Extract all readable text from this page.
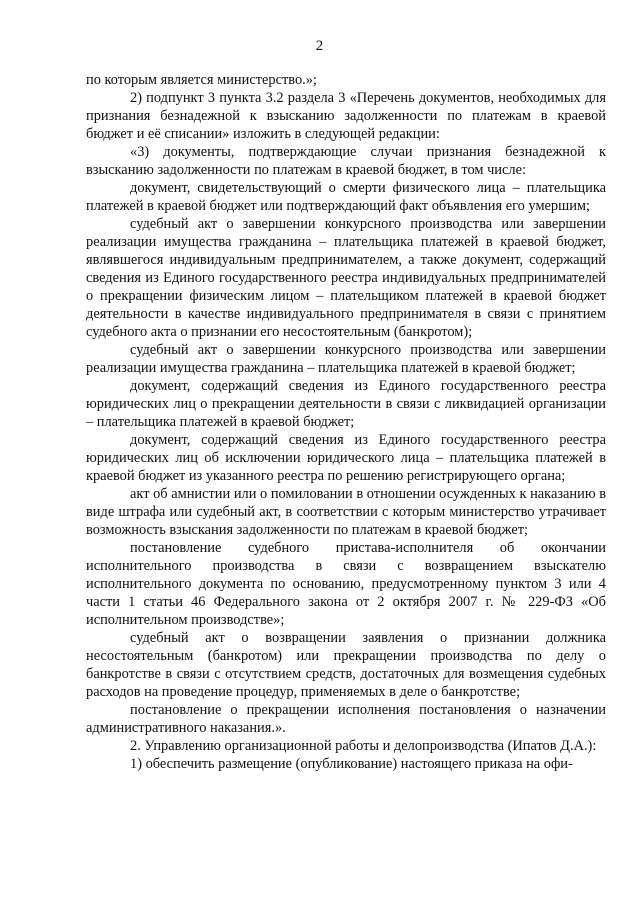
2

по которым является министерство.»;

2) подпункт 3 пункта 3.2 раздела 3 «Перечень документов, необходимых для признания безнадежной к взысканию задолженности по платежам в краевой бюджет и её списании» изложить в следующей редакции:

«3) документы, подтверждающие случаи признания безнадежной к взысканию задолженности по платежам в краевой бюджет, в том числе:

документ, свидетельствующий о смерти физического лица – плательщика платежей в краевой бюджет или подтверждающий факт объявления его умершим;

судебный акт о завершении конкурсного производства или завершении реализации имущества гражданина – плательщика платежей в краевой бюджет, являвшегося индивидуальным предпринимателем, а также документ, содержащий сведения из Единого государственного реестра индивидуальных предпринимателей о прекращении физическим лицом – плательщиком платежей в краевой бюджет деятельности в качестве индивидуального предпринимателя в связи с принятием судебного акта о признании его несостоятельным (банкротом);

судебный акт о завершении конкурсного производства или завершении реализации имущества гражданина – плательщика платежей в краевой бюджет;

документ, содержащий сведения из Единого государственного реестра юридических лиц о прекращении деятельности в связи с ликвидацией организации – плательщика платежей в краевой бюджет;

документ, содержащий сведения из Единого государственного реестра юридических лиц об исключении юридического лица – плательщика платежей в краевой бюджет из указанного реестра по решению регистрирующего органа;

акт об амнистии или о помиловании в отношении осужденных к наказанию в виде штрафа или судебный акт, в соответствии с которым министерство утрачивает возможность взыскания задолженности по платежам в краевой бюджет;

постановление судебного пристава-исполнителя об окончании исполнительного производства в связи с возвращением взыскателю исполнительного документа по основанию, предусмотренному пунктом 3 или 4 части 1 статьи 46 Федерального закона от 2 октября 2007 г. № 229-ФЗ «Об исполнительном производстве»;

судебный акт о возвращении заявления о признании должника несостоятельным (банкротом) или прекращении производства по делу о банкротстве в связи с отсутствием средств, достаточных для возмещения судебных расходов на проведение процедур, применяемых в деле о банкротстве;

постановление о прекращении исполнения постановления о назначении административного наказания.».

2. Управлению организационной работы и делопроизводства (Ипатов Д.А.):

1) обеспечить размещение (опубликование) настоящего приказа на офи-
